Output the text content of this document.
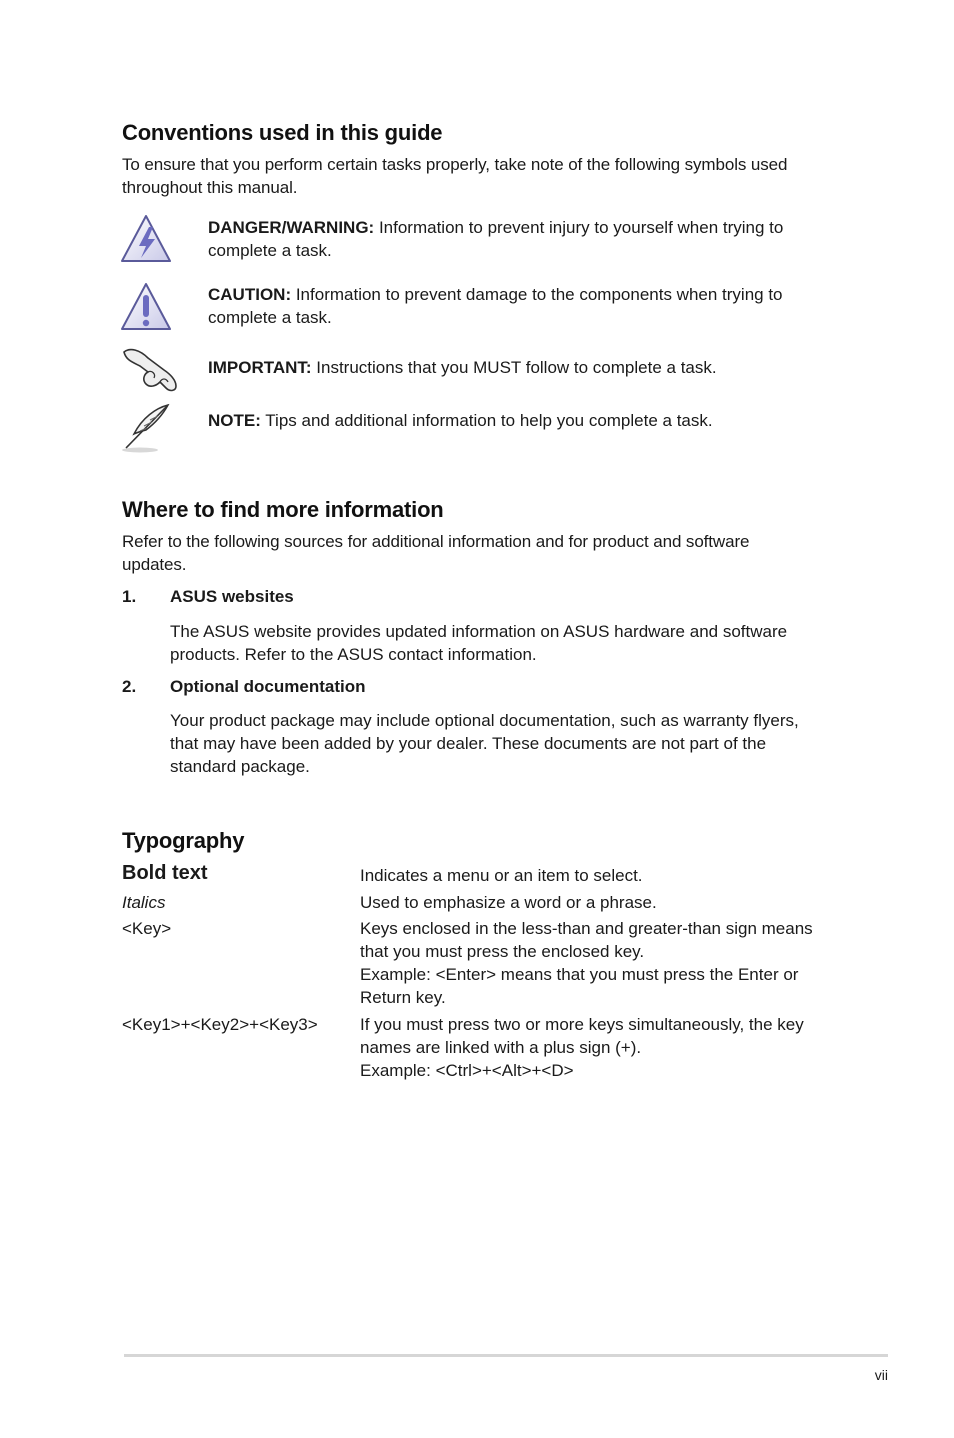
Conventions used in this guide

To ensure that you perform certain tasks properly, take note of the following symbols used throughout this manual.

DANGER/WARNING: Information to prevent injury to yourself when trying to complete a task.
CAUTION: Information to prevent damage to the components when trying to complete a task.
IMPORTANT: Instructions that you MUST follow to complete a task.
NOTE: Tips and additional information to help you complete a task.
Where to find more information

Refer to the following sources for additional information and for product and software updates.

1. ASUS websites
The ASUS website provides updated information on ASUS hardware and software products. Refer to the ASUS contact information.
2. Optional documentation
Your product package may include optional documentation, such as warranty flyers, that may have been added by your dealer. These documents are not part of the standard package.
Typography
Bold text	Indicates a menu or an item to select.
Italics	Used to emphasize a word or a phrase.
<Key>	Keys enclosed in the less-than and greater-than sign means that you must press the enclosed key.
Example: <Enter> means that you must press the Enter or Return key.
<Key1>+<Key2>+<Key3> If you must press two or more keys simultaneously, the key names are linked with a plus sign (+).
Example: <Ctrl>+<Alt>+<D>
vii
